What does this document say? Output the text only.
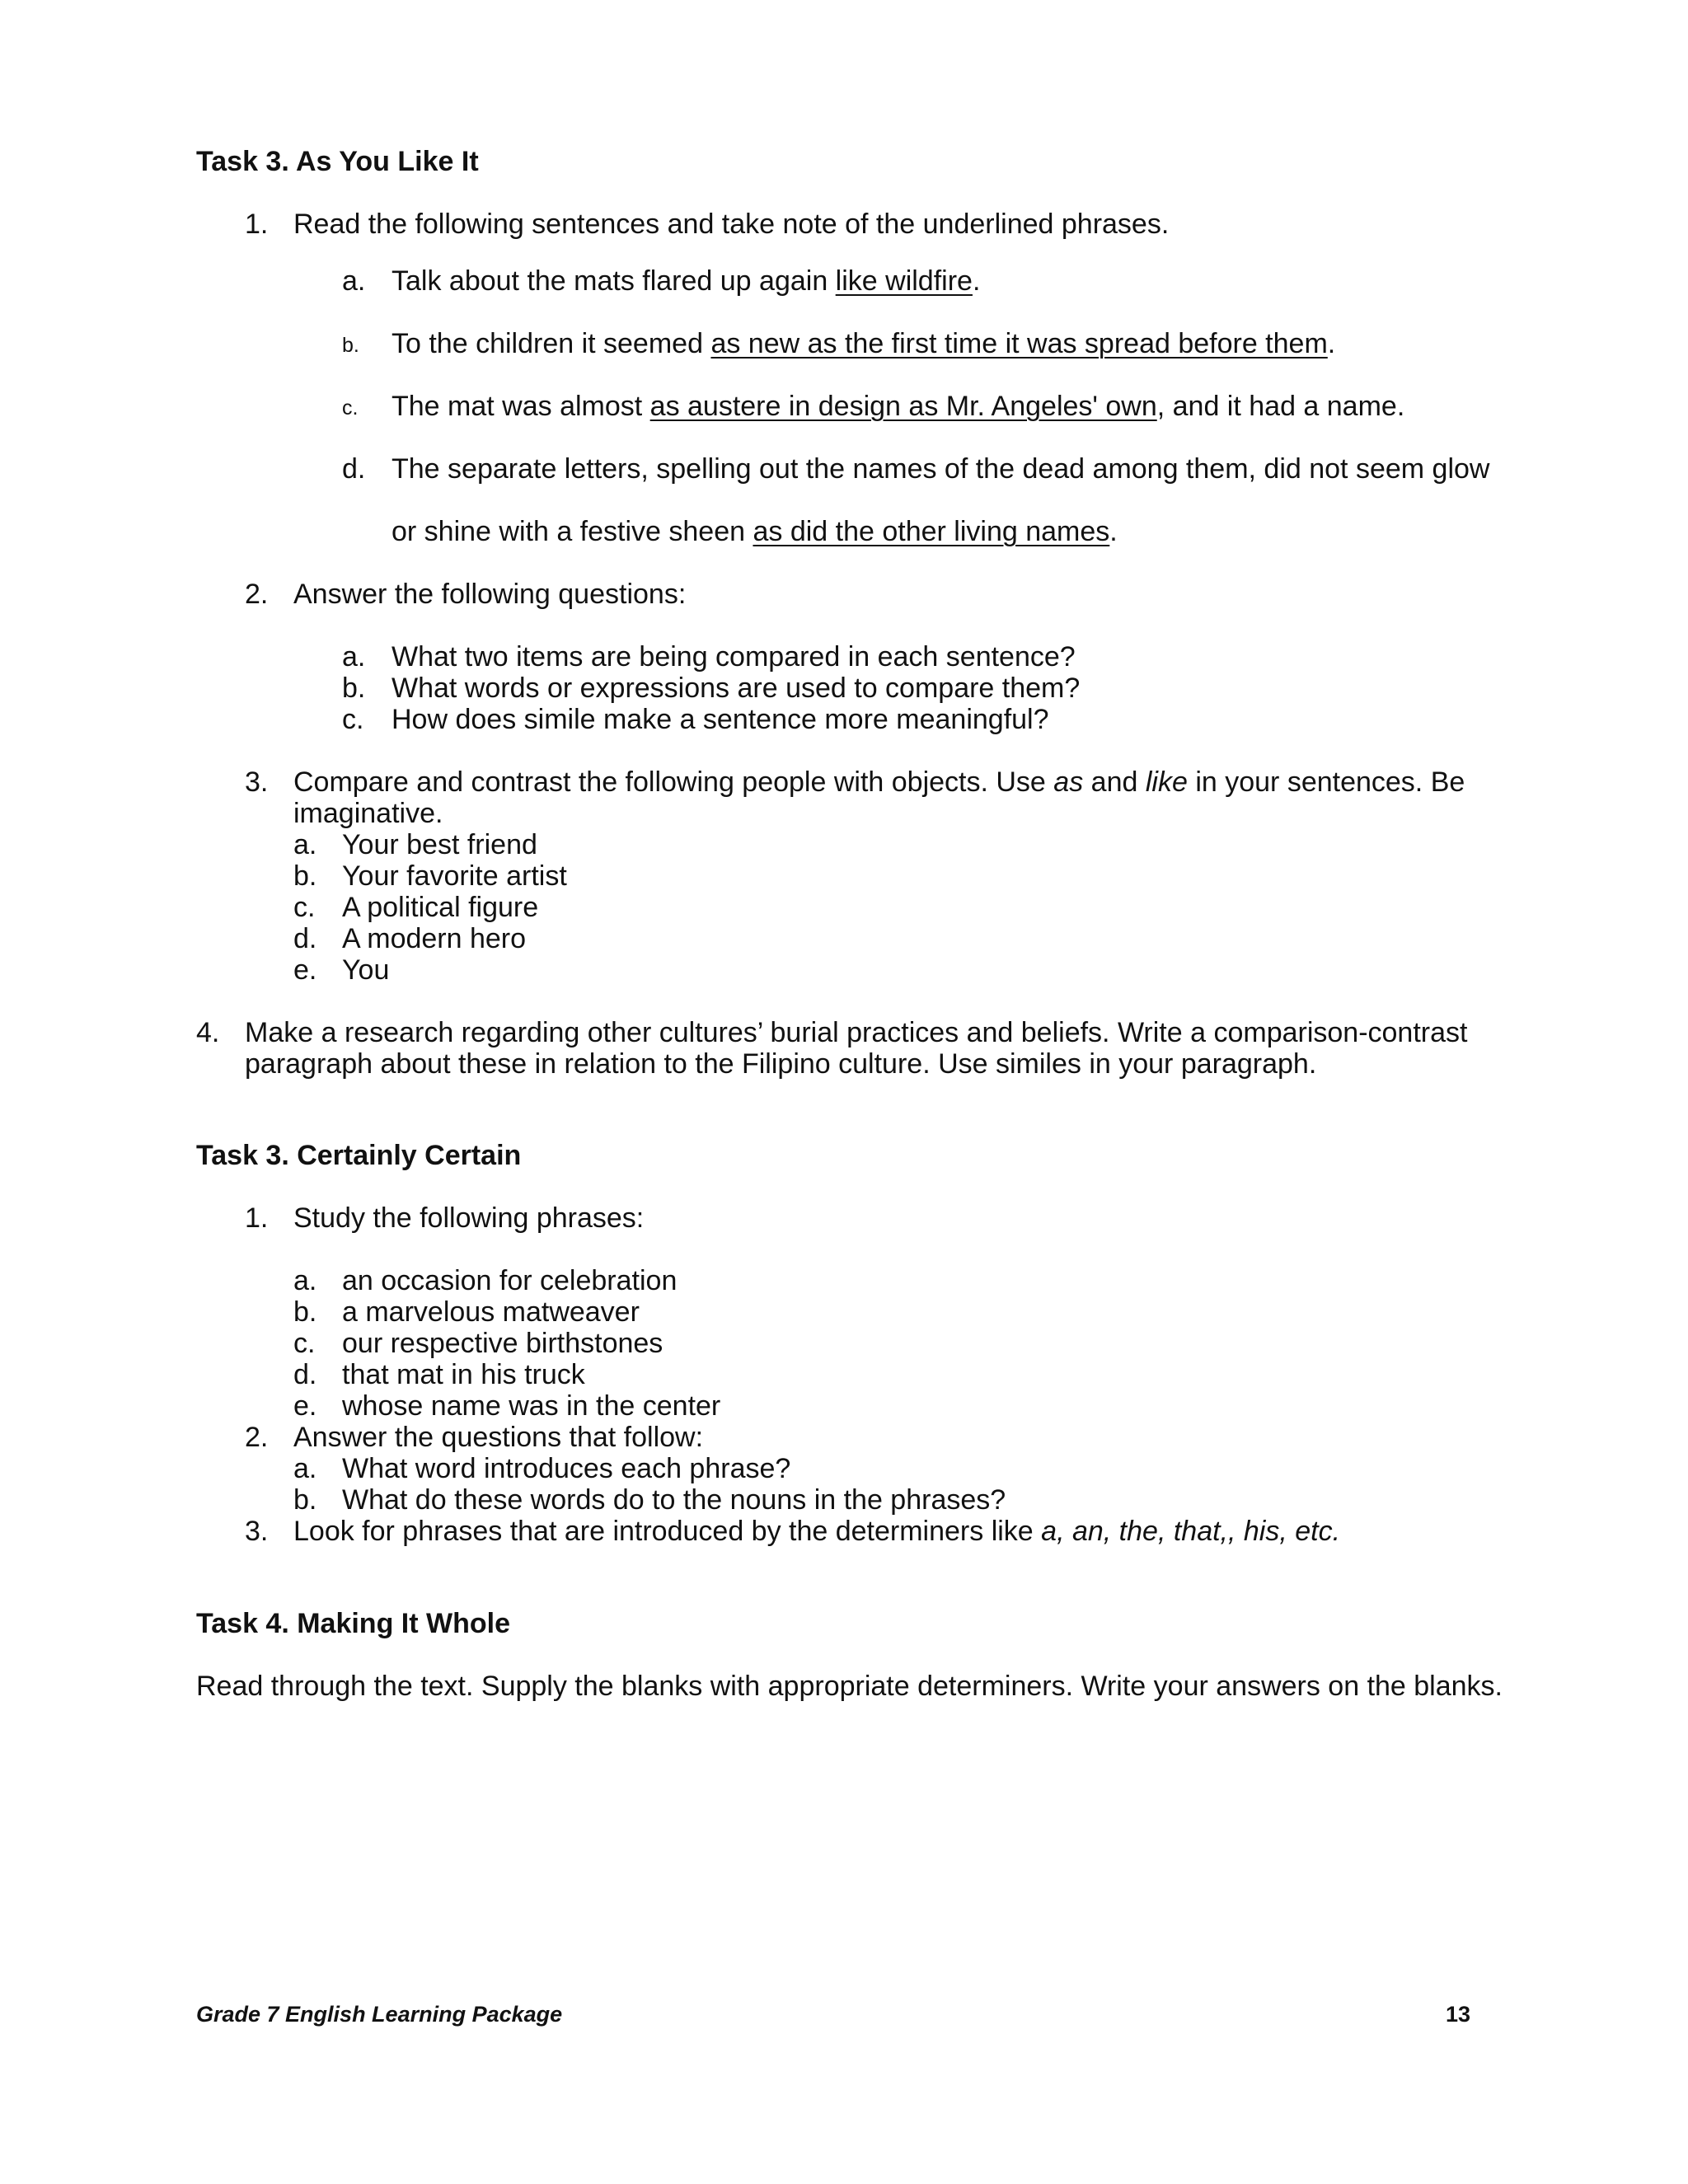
Task 3. As You Like It
1. Read the following sentences and take note of the underlined phrases.
a. Talk about the mats flared up again like wildfire.
b. To the children it seemed as new as the first time it was spread before them.
c. The mat was almost as austere in design as Mr. Angeles' own, and it had a name.
d. The separate letters, spelling out the names of the dead among them, did not seem glow
or shine with a festive sheen as did the other living names.
2. Answer the following questions:
a. What two items are being compared in each sentence?
b. What words or expressions are used to compare them?
c. How does simile make a sentence more meaningful?
3. Compare and contrast the following people with objects. Use as and like in your sentences. Be
imaginative.
a. Your best friend
b. Your favorite artist
c. A political figure
d. A modern hero
e. You
4. Make a research regarding other cultures’ burial practices and beliefs. Write a comparison-contrast
paragraph about these in relation to the Filipino culture. Use similes in your paragraph.
Task 3. Certainly Certain
1. Study the following phrases:
a. an occasion for celebration
b. a marvelous matweaver
c. our respective birthstones
d. that mat in his truck
e. whose name was in the center
2. Answer the questions that follow:
a. What word introduces each phrase?
b. What do these words do to the nouns in the phrases?
3. Look for phrases that are introduced by the determiners like a, an, the, that,, his, etc.
Task 4. Making It Whole
Read through the text. Supply the blanks with appropriate determiners. Write your answers on the blanks.
Grade 7 English Learning Package	13
